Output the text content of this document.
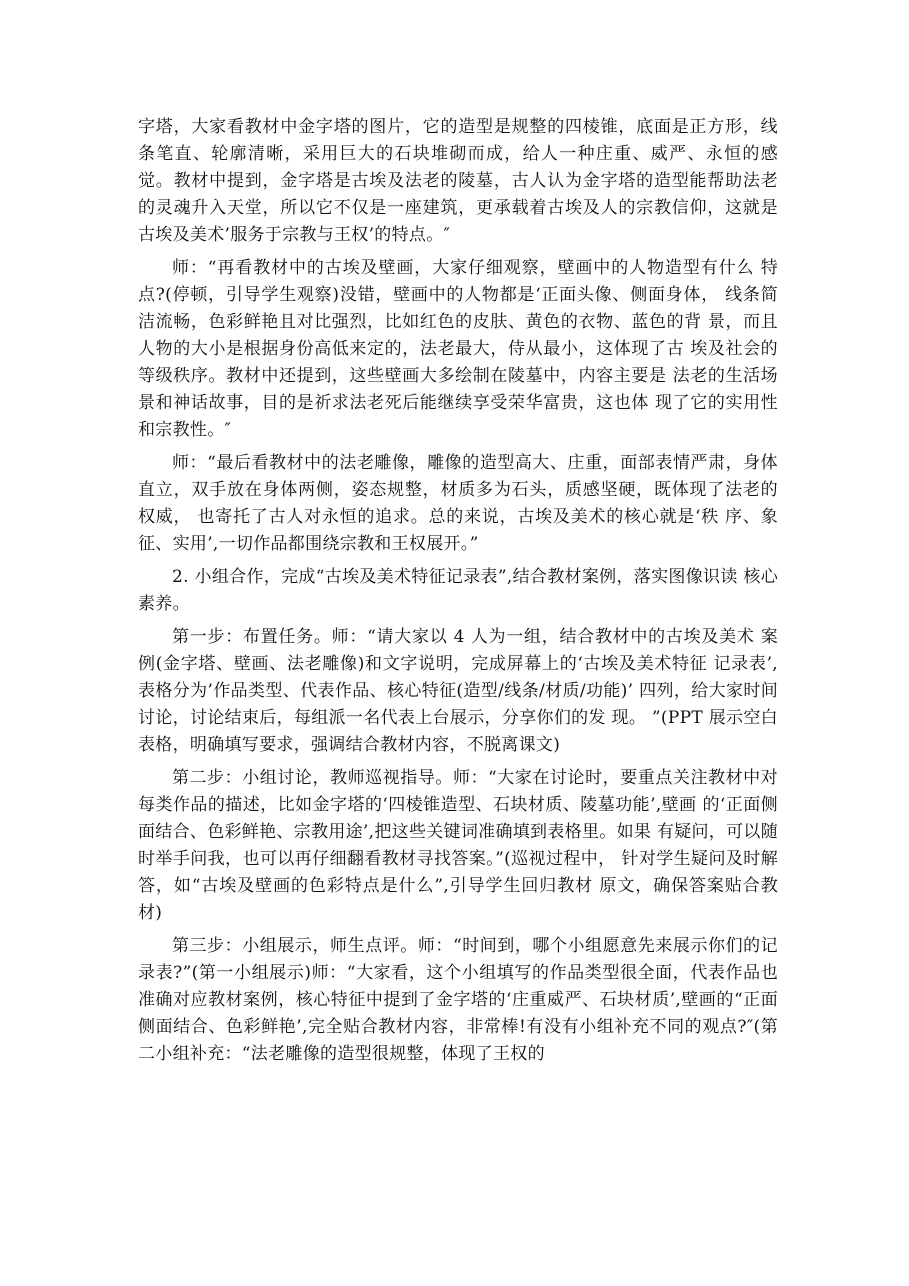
字塔，大家看教材中金字塔的图片，它的造型是规整的四棱锥，底面是正方形，线条笔直、轮廓清晰，采用巨大的石块堆砌而成，给人一种庄重、威严、永恒的感觉。教材中提到，金字塔是古埃及法老的陵墓，古人认为金字塔的造型能帮助法老的灵魂升入天堂，所以它不仅是一座建筑，更承载着古埃及人的宗教信仰，这就是古埃及美术’服务于宗教与王权’的特点。″

师：“再看教材中的古埃及壁画，大家仔细观察，壁画中的人物造型有什么 特点?(停顿，引导学生观察)没错，壁画中的人物都是‘正面头像、侧面身体， 线条简洁流畅，色彩鲜艳且对比强烈，比如红色的皮肤、黄色的衣物、蓝色的背 景，而且人物的大小是根据身份高低来定的，法老最大，侍从最小，这体现了古 埃及社会的等级秩序。教材中还提到，这些壁画大多绘制在陵墓中，内容主要是 法老的生活场景和神话故事，目的是祈求法老死后能继续享受荣华富贵，这也体 现了它的实用性和宗教性。″

师：“最后看教材中的法老雕像，雕像的造型高大、庄重，面部表情严肃，身体直立，双手放在身体两侧，姿态规整，材质多为石头，质感坚硬，既体现了法老的权威， 也寄托了古人对永恒的追求。总的来说，古埃及美术的核心就是‘秩 序、象征、实用’,一切作品都围绕宗教和王权展开。”

2. 小组合作，完成“古埃及美术特征记录表”,结合教材案例，落实图像识读 核心素养。

第一步：布置任务。师：“请大家以 4 人为一组，结合教材中的古埃及美术 案例(金字塔、壁画、法老雕像)和文字说明，完成屏幕上的‘古埃及美术特征 记录表’,表格分为’作品类型、代表作品、核心特征(造型/线条/材质/功能)’ 四列，给大家时间讨论，讨论结束后，每组派一名代表上台展示，分享你们的发 现。 ”(PPT 展示空白表格，明确填写要求，强调结合教材内容，不脱离课文)

第二步：小组讨论，教师巡视指导。师：“大家在讨论时，要重点关注教材中对每类作品的描述，比如金字塔的‘四棱锥造型、石块材质、陵墓功能’,壁画 的‘正面侧面结合、色彩鲜艳、宗教用途’,把这些关键词准确填到表格里。如果 有疑问，可以随时举手问我，也可以再仔细翻看教材寻找答案。”(巡视过程中， 针对学生疑问及时解答，如“古埃及壁画的色彩特点是什么”,引导学生回归教材 原文，确保答案贴合教材)

第三步：小组展示，师生点评。师：“时间到，哪个小组愿意先来展示你们的记录表?”(第一小组展示)师：“大家看，这个小组填写的作品类型很全面，代表作品也准确对应教材案例，核心特征中提到了金字塔的‘庄重威严、石块材质’,壁画的“正面侧面结合、色彩鲜艳’,完全贴合教材内容，非常棒!有没有小组补充不同的观点?″(第二小组补充：“法老雕像的造型很规整，体现了王权的
